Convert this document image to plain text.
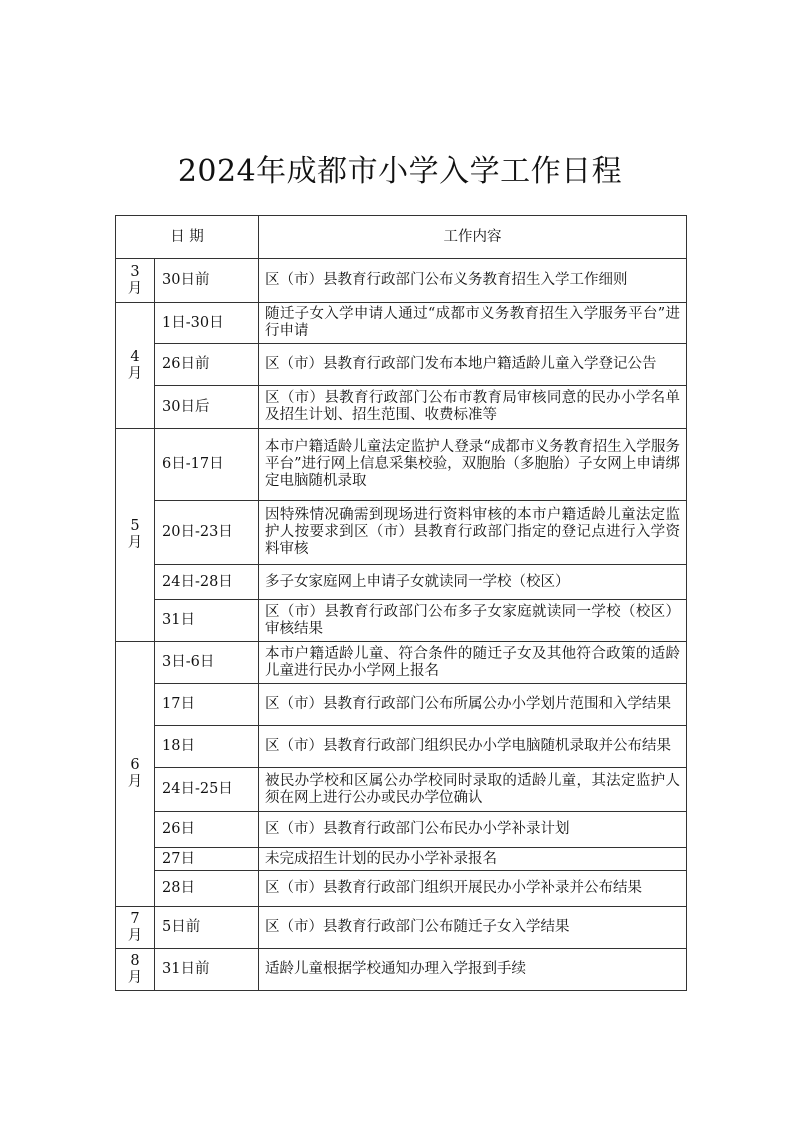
2024年成都市小学入学工作日程
日 期		工作内容
3
月	30日前	区（市）县教育行政部门公布义务教育招生入学工作细则
4
月	1日-30日	随迁子女入学申请人通过“成都市义务教育招生入学服务平台”进行申请
	26日前	区（市）县教育行政部门发布本地户籍适龄儿童入学登记公告
	30日后	区（市）县教育行政部门公布市教育局审核同意的民办小学名单及招生计划、招生范围、收费标准等
5
月	6日-17日	本市户籍适龄儿童法定监护人登录“成都市义务教育招生入学服务平台”进行网上信息采集校验，双胞胎（多胞胎）子女网上申请绑定电脑随机录取
	20日-23日	因特殊情况确需到现场进行资料审核的本市户籍适龄儿童法定监护人按要求到区（市）县教育行政部门指定的登记点进行入学资料审核
	24日-28日	多子女家庭网上申请子女就读同一学校（校区）
	31日	区（市）县教育行政部门公布多子女家庭就读同一学校（校区）审核结果
6
月	3日-6日	本市户籍适龄儿童、符合条件的随迁子女及其他符合政策的适龄儿童进行民办小学网上报名
	17日	区（市）县教育行政部门公布所属公办小学划片范围和入学结果
	18日	区（市）县教育行政部门组织民办小学电脑随机录取并公布结果
	24日-25日	被民办学校和区属公办学校同时录取的适龄儿童，其法定监护人须在网上进行公办或民办学位确认
	26日	区（市）县教育行政部门公布民办小学补录计划
	27日	未完成招生计划的民办小学补录报名
	28日	区（市）县教育行政部门组织开展民办小学补录并公布结果
7
月	5日前	区（市）县教育行政部门公布随迁子女入学结果
8
月	31日前	适龄儿童根据学校通知办理入学报到手续
